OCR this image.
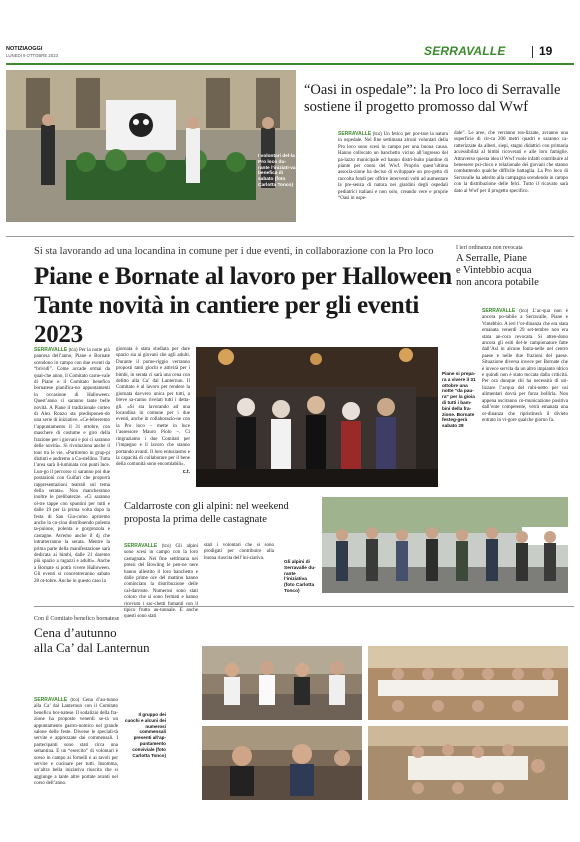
NOTIZIAOGGI
LUNEDÌ 9 OTTOBRE 2023	SERRAVALLE	19
“Oasi in ospedale”: la Pro loco di Serravalle
sostiene il progetto promosso dal Wwf
I volontari del-la Pro loco du-rante l’iniziati-va benefica di sabato (foto Carlotta Tonco)
SERRAVALLE (tco) Un fetico per por-tare la natura in ospedale. Nel fine settimana alcuni volontari della Pro loco sono scesi in campo per una buona causa. Hanno collocato un banchetto vicino all’ingresso del pa-lazzo municipale ed hanno distri-buito piantine di piante per conto del Wwf. Proprio quest’ultima associa-zione ha deciso di sviluppare un pro-getto di raccolta fondi per offrire interventi volti ad aumentare la pre-senza di natura nei giardini degli ospedali pediatrici italiani e non solo, creando vere e proprie “Oasi in ospe-
dale”. Le aree, che verranno rea-lizzate, avranno una superficie di cir-ca 200 metri quadri e saranno ca-ratterizzate da alberi, siepi, stagni didattici con primaria accessibilità al bimbi ricoverati e alle loro famiglie. Attraverso questa idea il Wwf vuole infatti contribuire al benessere psi-chico e relazionale dei giovani che stanno combattendo qualche difficile battaglia. La Pro loco di Serravalle ha aderito alla campagna scendendo in campo con la distribuzione delle felci. Tutto il ricavato sarà dato al Wwf per il progetto specifico.
Si sta lavorando ad una locandina in comune per i due eventi, in collaborazione con la Pro loco
Piane e Bornate al lavoro per Halloween
Tante novità in cantiere per gli eventi 2023
SERRAVALLE (tco) Per la notte più paurosa dell’anno, Piane e Bornate scendono in campo con due eventi da “brividi”. Come accade ormai da qual-che anno, il Comitato carne-vale di Piane e il Comitato benefico bornatese pianifica-no appuntamenti in occasione di Halloween. Quest’anno ci saranno tante belle novità. A Piane il tradizionale corteo di Alex Ronzo sta predisponen-do una serie di iniziative. «Ce-lebreremo l’appuntamento il 31 ottobre, con maschere di costume e giro della frazione per i giovani e poi ci saranno delle novità». Si rivoluziona anche il tour tra le vie. «Partiremo in grup-pi distinti e andremo a Ca-stellino. Tutta l’area sarà il-luminata con punti luce. Lun-go il percorso ci saranno poi due postazioni con Guifari che proporrà rappresentazioni teatrali sul tema della serata». Non mancheranno inoltre le prelibatezze. «Ci saranno ol-tre tappe con spuntini per tutti e dalle 19 per la prima volta dopo la festa di San Gia-como apriremo anche la cu-cina distribuendo polenta ta-pulone, polenta e gorgonzola e castagne. Avremo anche il dj che intratterranno la serata. Mentre la prima parte della manifestazione sarà dedicata ai bimbi, dalle 21 daremo più spazio a ragazzi e adulti». Anche a Bornate si potrà vivere Halloween. Gli eventi si concentreranno sabato 28 ot-tobre. Anche in questo caso la
giornata è stata studiata per dare spazio sia ai giovani che agli adulti. Durante il pome-riggio verranno proposti tanti giochi e attività per i bimbi, in serata ci sarà una cena con delitto alla Ca’ dal Lanternun. Il Comitato è al lavoro per rendere la giornata davvero unica per tutti, a breve sa-ranno rivelati tutti i detta-gli. «Si sta lavorando ad una locandina in comune per i due eventi, anche in collaborazio-ne con la Pro loco – mette in luce l’assessore Mauro Piolo –. Ci ringraziamo i due Comitati per l’impegno e il lavoro che stanno portando avanti. Il loro entusiasmo e la capacità di collaborare per il bene della comunità sono encomiabili».
c.t.
Piane si prepa-ra a vivere il 31 ottobre una notte “da pau-ra” per la gioia di tutti i bam-bini della fra-zione. Bornate festeg-gerà sabato 28
I ieri ordinanza non revocata
A Serralle, Piane
e Vintebbio acqua
non ancora potabile
SERRAVALLE (tco) L’ac-qua non è ancora po-tabile a Serravalle, Piane e Vintebbio. A ieri l’or-dinanza che era stata emanata venerdì 29 set-tembre non era stata an-cora revocata. Si atten-dono ancora gli esiti del-le campionature fatte dall’Asl in alcune fonta-nelle nel centro paese e nelle due frazioni del paese. Situazione diversa invece per Bornate che è invece servita da un altro impianto idrico e quindi non è stato toccata dalla criticità. Per ora dunque chi ha necessità di uti-lizzare l’acqua del rubi-netto per usi alimentari dovrà per forza bollirla. Non appena usciranno co-municazione positiva dall’ente competente, verrà emanata una or-dinanza che ripristinerà il divieto entrato in vi-gore qualche giorno fa.
Caldarroste con gli alpini: nel weekend
proposta la prima delle castagnate
SERRAVALLE (tco) Gli alpini sono scesi in campo con la loro castagnata. Nel fine settimana nei pressi del Bowling le pen-ne nere hanno allestito il loro banchetto e dalle prime ore del mattino hanno cominciato la distribuzione delle cal-darroste. Numerosi sono stati coloro che si sono fermati e hanno ricevuto i sac-chetti fumanti con il tipico frutto au-tunnale. E anche questi sono stati
stati i volontari che si sono prodigati per contribuire alla buona riuscita dell’ini-ziativa.
Gli alpini di Serravalle du-rante l’iniziativa (foto Carlotta Tonco)
Con il Comitato benefico bornatese
Cena d’autunno
alla Ca’ dal Lanternun
SERRAVALLE (tco) Cena d’au-tunno alla Ca’ dal Lanternun con il Comitato benefico bor-natese. Il sodalizio della fra-zione ha proposto venerdì se-ra un appuntamento gastro-nomico nel grande salone delle feste. Diverse le speciali-tà servite e apprezzate dai commensali. I partecipanti sono stati circa una settantina. E un “esercito” di volontari è sceso in campo ai fornelli e ai tavoli per servire e cucinare per tutti. Insomma, un’altra bella iniziativa riuscita che si aggiunge a tante altre portate avanti nel corso dell’anno.
Il gruppo dei cuochi e alcuni dei numerosi commensali presenti all’ap-puntamento conviviale (foto Carlotta Tonco)
